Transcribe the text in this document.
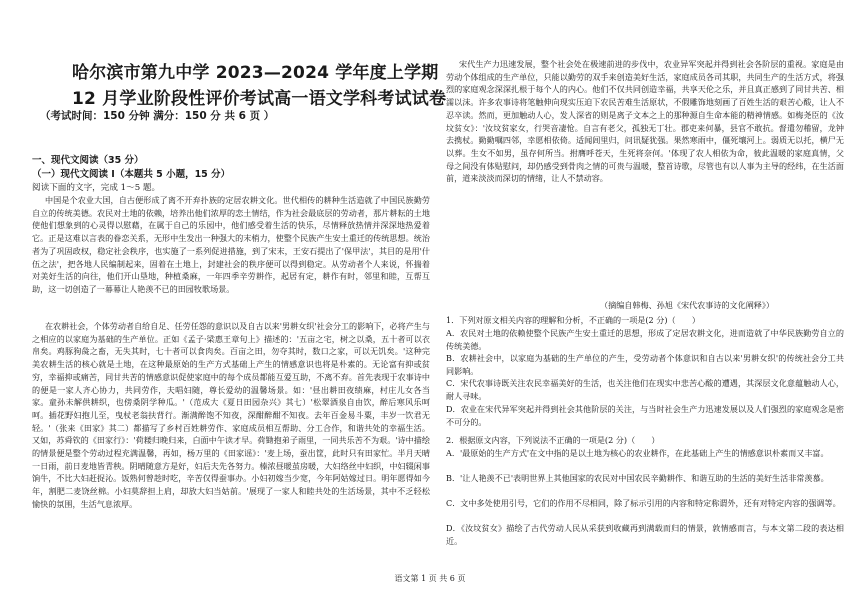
哈尔滨市第九中学 2023—2024 学年度上学期
12 月学业阶段性评价考试高一语文学科考试试卷
（考试时间：150 分钟 满分：150 分 共 6 页 ）
一、现代文阅读（35 分）
（一）现代文阅读 I（本题共 5 小题，15 分）
阅读下面的文字，完成 1～5 题。

中国是个农业大国，自古便形成了离不开弃扑族的定居农耕文化。世代相传的耕种生活造就了中国民族勤劳自立的传统美德。农民对土地的依赖，培养出他们浓厚的恋土情结，作为社会最底层的劳动者，那片耕耘的土地使他们想象到的心灵得以慰藉，在属于自己的乐园中，他们感受着生活的快乐，尽情释放热情并深深地热爱着它。正是这难以言表的眷恋关系，无形中生发出一种强大的末梢力，使整个民族产生安土重迁的传统思想。统治者为了巩固政权，稳定社会秩序，也实施了一系列促进措施，到了宋末，王安石提出了'保甲法'，其目的是用'什伍之法'，把各地人民编制起来，固着在土地上，封建社会的秩序便可以得到稳定。从劳动者个人来说，怀揣着对美好生活的向往，他们开山垦地，种植桑麻，一年四季辛劳耕作，起居有定，耕作有时，邻里和睦，互帮互助，这一切创造了一幕幕让人艳羡不已的田园牧歌场景。

在农耕社会，个体劳动者自给自足、任劳任怨的意识以及自古以来'男耕女织'社会分工的影响下，必将产生与之相应的以家庭为基础的生产单位。正如《孟子·梁惠王章句上》描述的：'五亩之宅，树之以桑，五十者可以衣帛矣。鸡豚狗彘之畜，无失其时，七十者可以食肉矣。百亩之田，勿夺其时，数口之家，可以无饥矣。'这种完美农耕生活的核心就是土地，在这种最原始的生产方式基础上产生的情感意识也将是朴素的。无论富有抑或贫穷，幸福抑或痛苦，同甘共苦的情感意识促使家庭中的每个成员都能互爱互助，不离不弃。首先表现于农事诗中的便是一家人齐心协力，共同劳作，夫唱妇随，尊长爱幼的温馨场景。如：'昼出耕田夜绩麻，村庄儿女各当家。童孙未解供耕织，也傍桑阴学种瓜。'（范成大《夏日田园杂兴》其七）'松翠酒泉自由饮，醉后寒风乐呵呵。插花野妇抱儿至，曳杖老翁扶背行。渐满醉饱不知夜，深酣醉酣不知夜。去年百金易斗粟，丰岁一饮君无轻。'（张来《田家》其二）都描写了乡村百姓耕劳作、家庭成员相互帮助、分工合作，和谐共处的幸福生活。又如，苏舜钦的《田家行》：'荷耧归晚归来，白面中午读才早。荷锄抱弟子雨里，一同共乐苦不为艰。'诗中描绘的情景便是整个劳动过程充满温馨，再如，杨万里的《田家谣》：'麦上场，蚕出筐，此时只有田家忙。半月天晴一日雨，前日麦地皆青秧。阴晴随意方是好，妇后夫先各努力。榛浓昼暖茧房暖，大妇络丝中妇织，中妇辍闲事饷牛，不比大妇赶捉沁。饭熟何曾趁时吃，辛苦仅得蚕事办。小妇初嫁当少宽，今年阿姑嫁过日。明年愿得如今年，割肥二麦饶丝棉。小妇莫辞担上肩，却放大妇当姑前。'展现了一家人和睦共处的生活场景，其中不乏轻松愉快的氛围，生活气息浓厚。

宋代生产力迅速发展，整个社会处在极速前进的步伐中，农业异军突起并得到社会各阶层的重视。家庭是由劳动个体组成的生产单位，只能以勤劳的双手来创造美好生活，家庭成员各司其职，共同生产的生活方式，将强烈的家庭观念深深扎根于每个人的内心。他们不仅共同创造幸福，共享天伦之乐，并且真正感到了同甘共苦、相濡以沫。许多农事诗将笔触伸向现实压迫下农民苦难生活原状，不假雕饰地刻画了百姓生活的艰苦心酸，让人不忍卒读。然而，更加触动人心，发人深省的则是离子文本之上的那种源自生命本能的精神情感。如梅尧臣的《汝坟贫女》：'汝坟贫家女，行哭音凄怆。自言有老父，孤独无丁壮。郡吏来何暴，县官不敢抗。督遣勿稽留，龙钟去携杖。勤勤嘱四邻，幸愿相依倚。适闻闾里归，问讯疑犹强。果然寒雨中，僵死壤河上。弱质无以托，横尸无以葬。生女不如男，虽存何所当。拊膺呼苍天，生死将奈何。'体现了农人相依为命，彼此温暖的家庭真情，父母之间没有体贴慰问，却仍感受到骨肉之情的可贵与温暖，整首诗歌，尽管也有以人事为主导的经纬，在生活面前，道来淡淡而深切的情绪，让人不禁动容。

（摘编自韩梅、孙旭《宋代农事诗的文化阐释》）

1．下列对原文相关内容的理解和分析，不正确的一项是(2 分)（　　）

A．农民对土地的依赖使整个民族产生安土重迁的思想，形成了定居农耕文化，进而造就了中华民族勤劳自立的传统美德。

B．农耕社会中，以家庭为基础的生产单位的产生，受劳动者个体意识和自古以来'男耕女织'的传统社会分工共同影响。

C．宋代农事诗既关注农民幸福美好的生活，也关注他们在现实中悲苦心酸的遭遇，其深层文化意蕴触动人心，耐人寻味。

D．农业在宋代异军突起并得到社会其他阶层的关注，与当时社会生产力迅速发展以及人们强烈的家庭观念是密不可分的。

2．根据原文内容，下列说法不正确的一项是(2 分)（　　）

A．'最原始的生产方式'在文中指的是以土地为核心的农业耕作，在此基础上产生的情感意识朴素而又丰富。

B．'让人艳羡不已'表明世界上其他国家的农民对中国农民辛勤耕作、和谐互助的生活的美好生活非常羡慕。

C．文中多处使用引号，它们的作用不尽相同，除了标示引用的内容和特定称谓外，还有对特定内容的强调等。

D．《汝坟贫女》描绘了古代劳动人民从采获到收藏再到满载而归的情景，敦情感而言，与本文第二段的表达相近。

语文第 1 页 共 6 页
